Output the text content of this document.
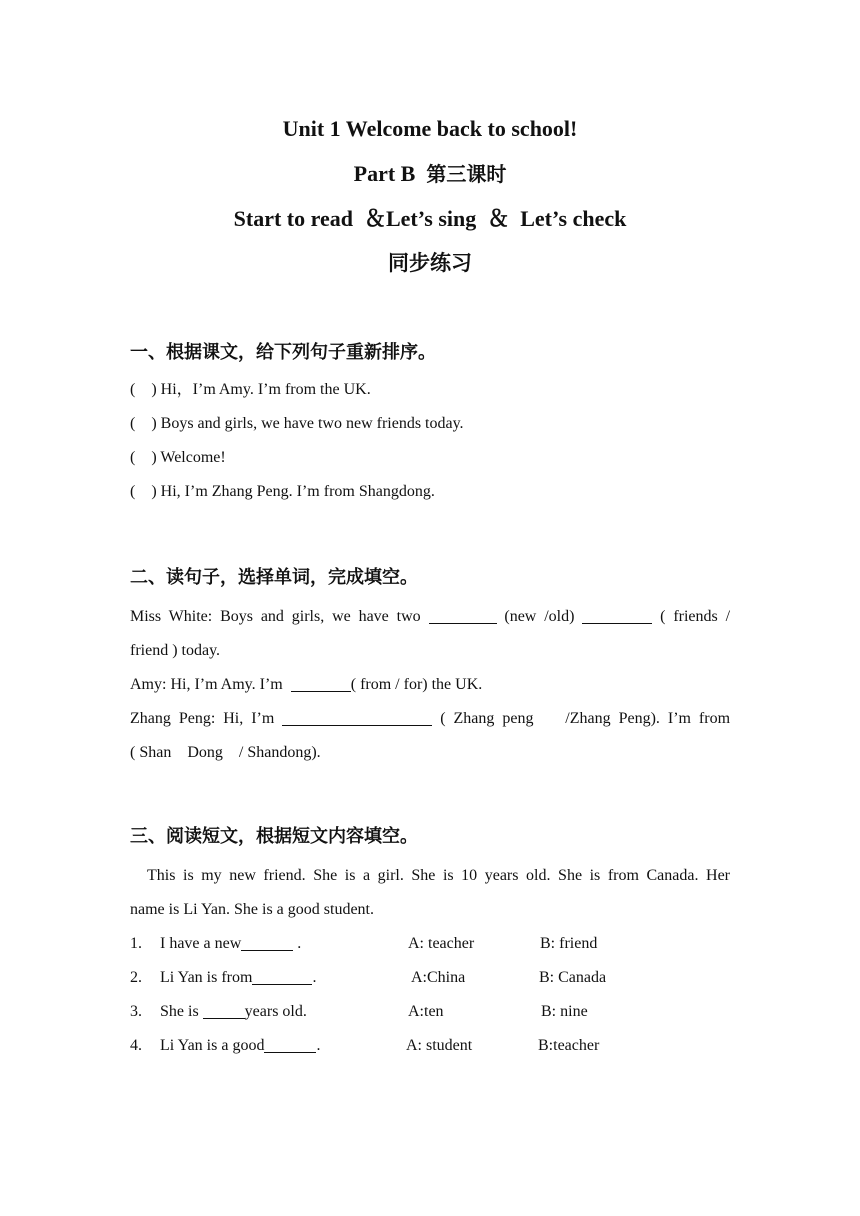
Unit 1 Welcome back to school!
Part B 第三课时
Start to read  ＆Let’s sing  ＆  Let’s check
同步练习
一、根据课文，给下列句子重新排序。
(    ) Hi，I’m Amy. I’m from the UK.
(    ) Boys and girls, we have two new friends today.
(    ) Welcome!
(    ) Hi, I’m Zhang Peng. I’m from Shangdong.
二、读句子，选择单词，完成填空。
Miss White: Boys and girls, we have two	(new /old)	( friends /
friend ) today.
Amy: Hi, I’m Amy. I’m	( from / for) the UK.
Zhang Peng: Hi, I’m	( Zhang peng    /Zhang Peng). I’m from
( Shan    Dong    / Shandong).
三、阅读短文，根据短文内容填空。
This is my new friend. She is a girl. She is 10 years old. She is from Canada. Her
name is Li Yan. She is a good student.
1. I have a new	.	A: teacher	B: friend
2. Li Yan is from	.	A:China	B: Canada
3. She is	years old.	A:ten	B: nine
4. Li Yan is a good	.	A: student	B:teacher
